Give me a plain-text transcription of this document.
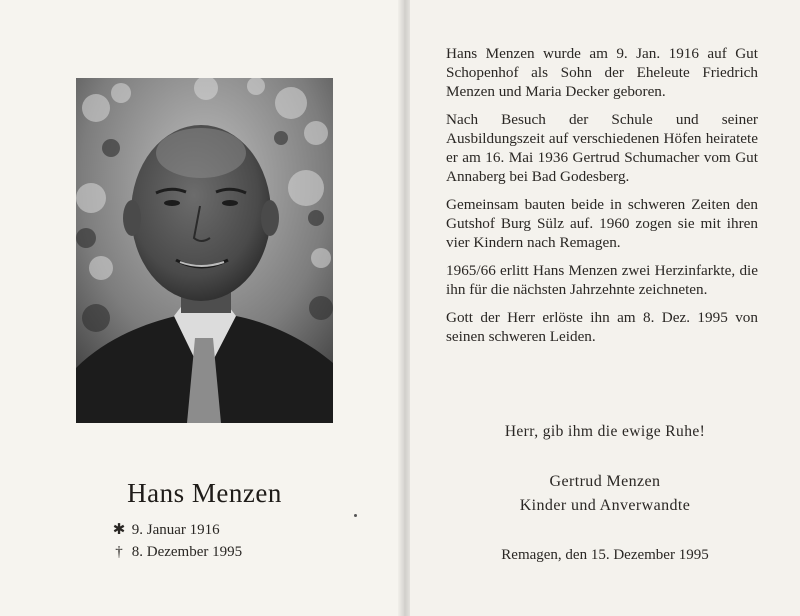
Hans Menzen
✱ 9. Januar 1916
† 8. Dezember 1995

Hans Menzen wurde am 9. Jan. 1916 auf Gut Schopenhof als Sohn der Eheleute Friedrich Menzen und Maria Decker geboren.

Nach Besuch der Schule und seiner Ausbildungszeit auf verschiedenen Höfen heiratete er am 16. Mai 1936 Gertrud Schumacher vom Gut Annaberg bei Bad Godesberg.

Gemeinsam bauten beide in schweren Zeiten den Gutshof Burg Sülz auf. 1960 zogen sie mit ihren vier Kindern nach Remagen.

1965/66 erlitt Hans Menzen zwei Herzinfarkte, die ihn für die nächsten Jahrzehnte zeichneten.

Gott der Herr erlöste ihn am 8. Dez. 1995 von seinen schweren Leiden.

Herr, gib ihm die ewige Ruhe!
Gertrud Menzen
Kinder und Anverwandte
Remagen, den 15. Dezember 1995
